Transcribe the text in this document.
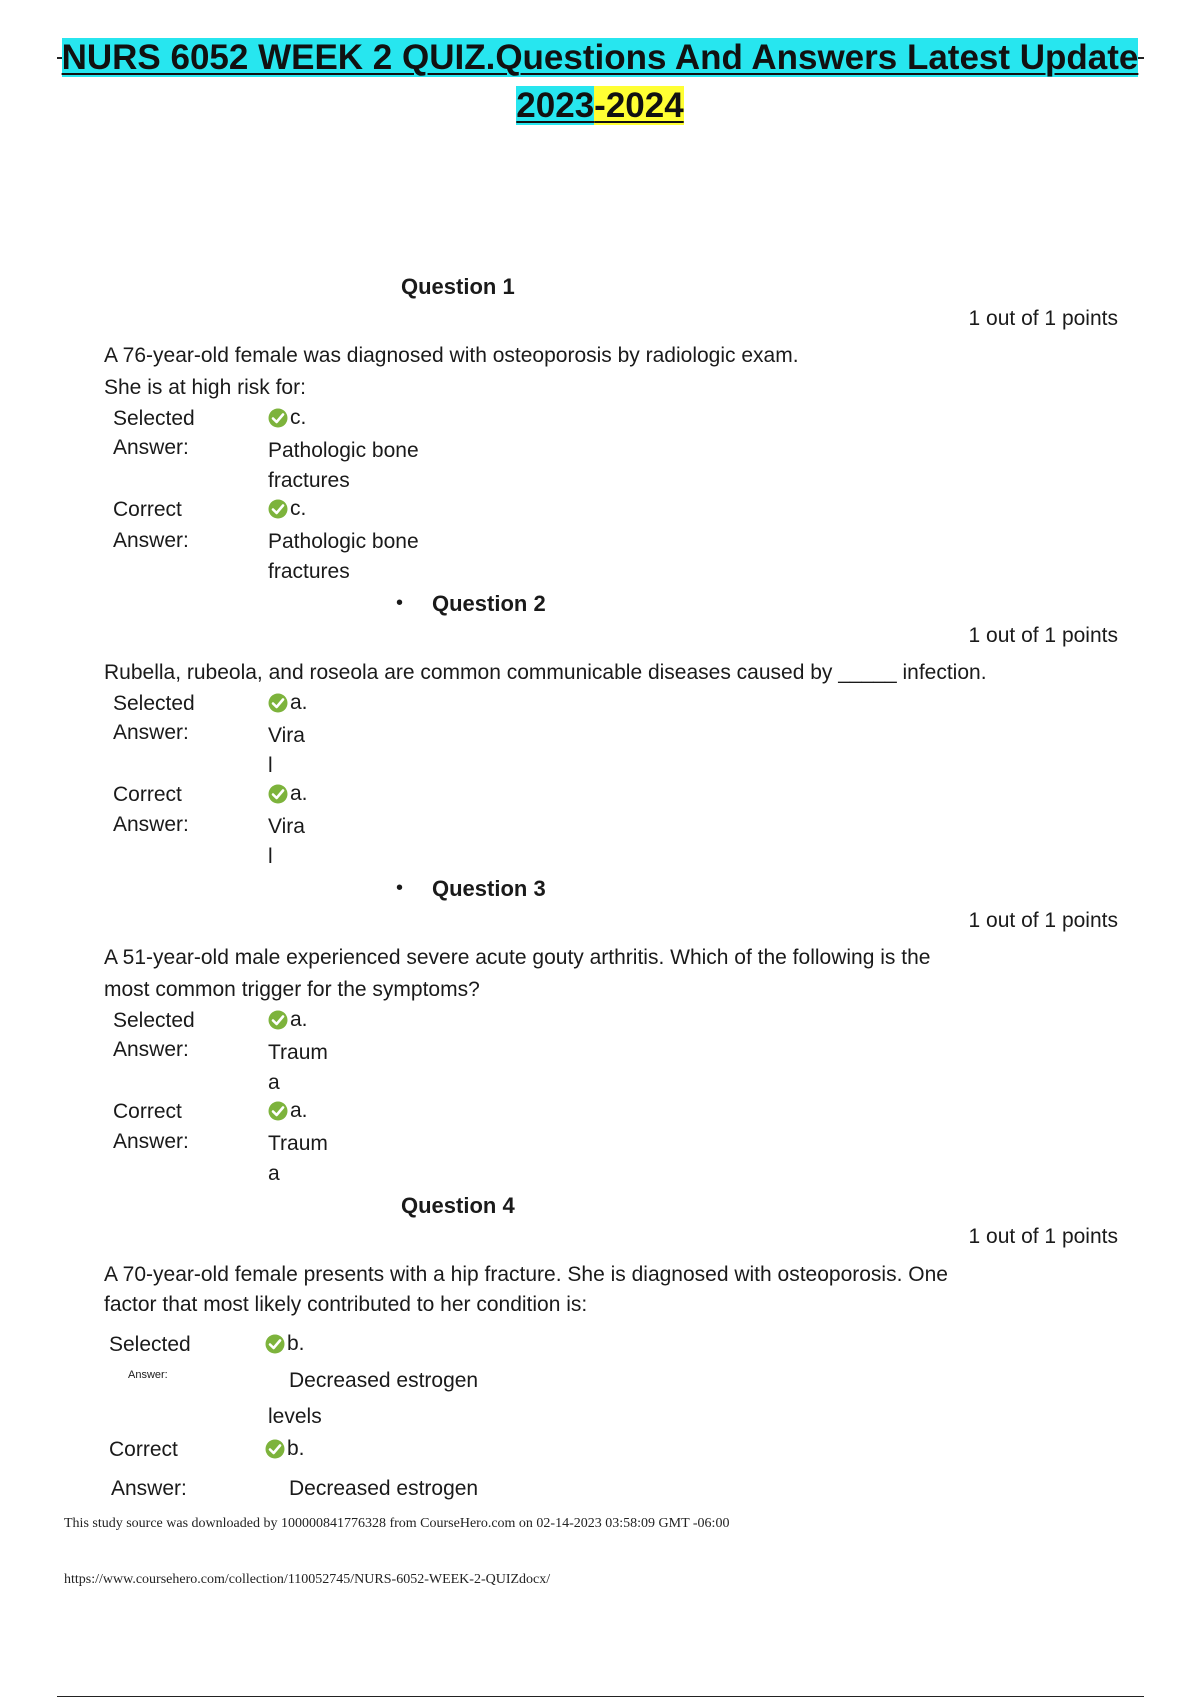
NURS 6052 WEEK 2 QUIZ.Questions And Answers Latest Update
2023-2024
Question 1
1 out of 1 points
A 76-year-old female was diagnosed with osteoporosis by radiologic exam.
She is at high risk for:
Selected
Answer:
c.
Pathologic bone
fractures
Correct
Answer:
c.
Pathologic bone
fractures
• Question 2
1 out of 1 points
Rubella, rubeola, and roseola are common communicable diseases caused by _____ infection.
Selected
Answer:
a.
Vira
l
Correct
Answer:
a.
Vira
l
• Question 3
1 out of 1 points
A 51-year-old male experienced severe acute gouty arthritis. Which of the following is the
most common trigger for the symptoms?
Selected
Answer:
a.
Traum
a
Correct
Answer:
a.
Traum
a
Question 4
1 out of 1 points
A 70-year-old female presents with a hip fracture. She is diagnosed with osteoporosis. One
factor that most likely contributed to her condition is:
Selected
Answer:
b.
Decreased estrogen
levels
Correct
Answer:
b.
Decreased estrogen
This study source was downloaded by 100000841776328 from CourseHero.com on 02-14-2023 03:58:09 GMT -06:00
https://www.coursehero.com/collection/110052745/NURS-6052-WEEK-2-QUIZdocx/
